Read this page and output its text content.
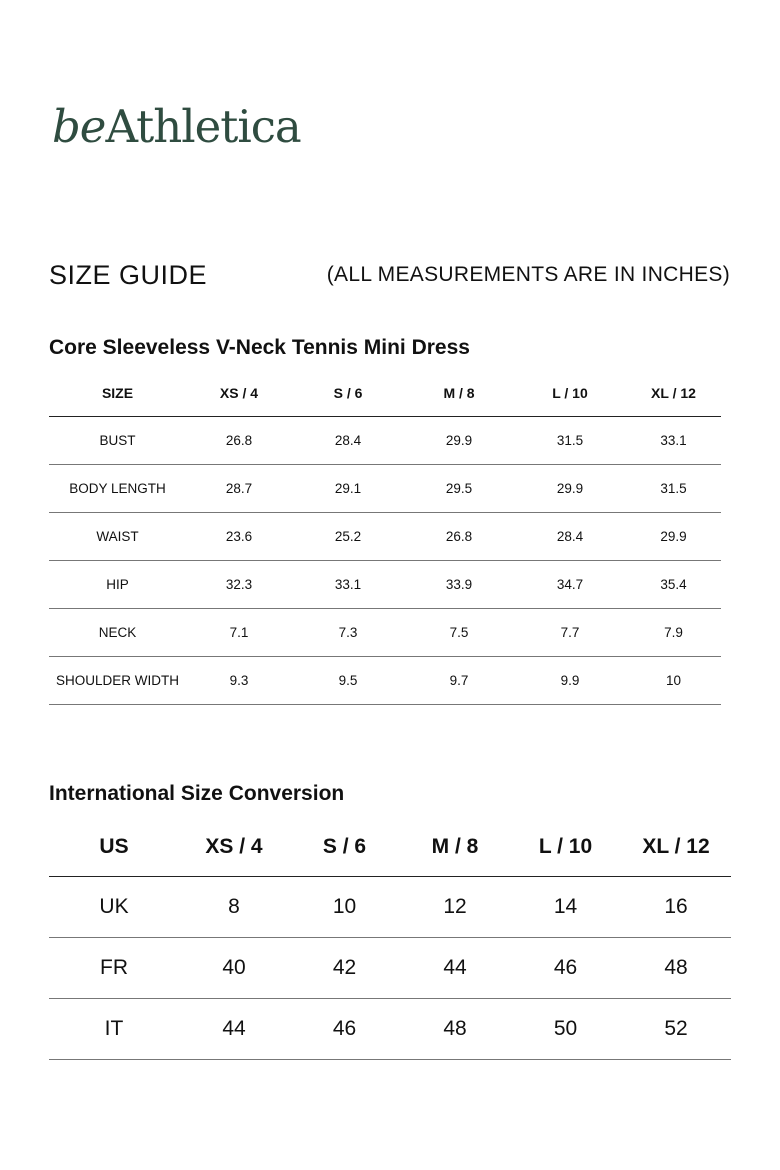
beAthletica
SIZE GUIDE	(ALL MEASUREMENTS ARE IN INCHES)
Core Sleeveless V-Neck Tennis Mini Dress
SIZE	XS / 4	S / 6	M / 8	L / 10	XL / 12
BUST	26.8	28.4	29.9	31.5	33.1
BODY LENGTH	28.7	29.1	29.5	29.9	31.5
WAIST	23.6	25.2	26.8	28.4	29.9
HIP	32.3	33.1	33.9	34.7	35.4
NECK	7.1	7.3	7.5	7.7	7.9
SHOULDER WIDTH	9.3	9.5	9.7	9.9	10
International Size Conversion
US	XS / 4	S / 6	M / 8	L / 10	XL / 12
UK	8	10	12	14	16
FR	40	42	44	46	48
IT	44	46	48	50	52
